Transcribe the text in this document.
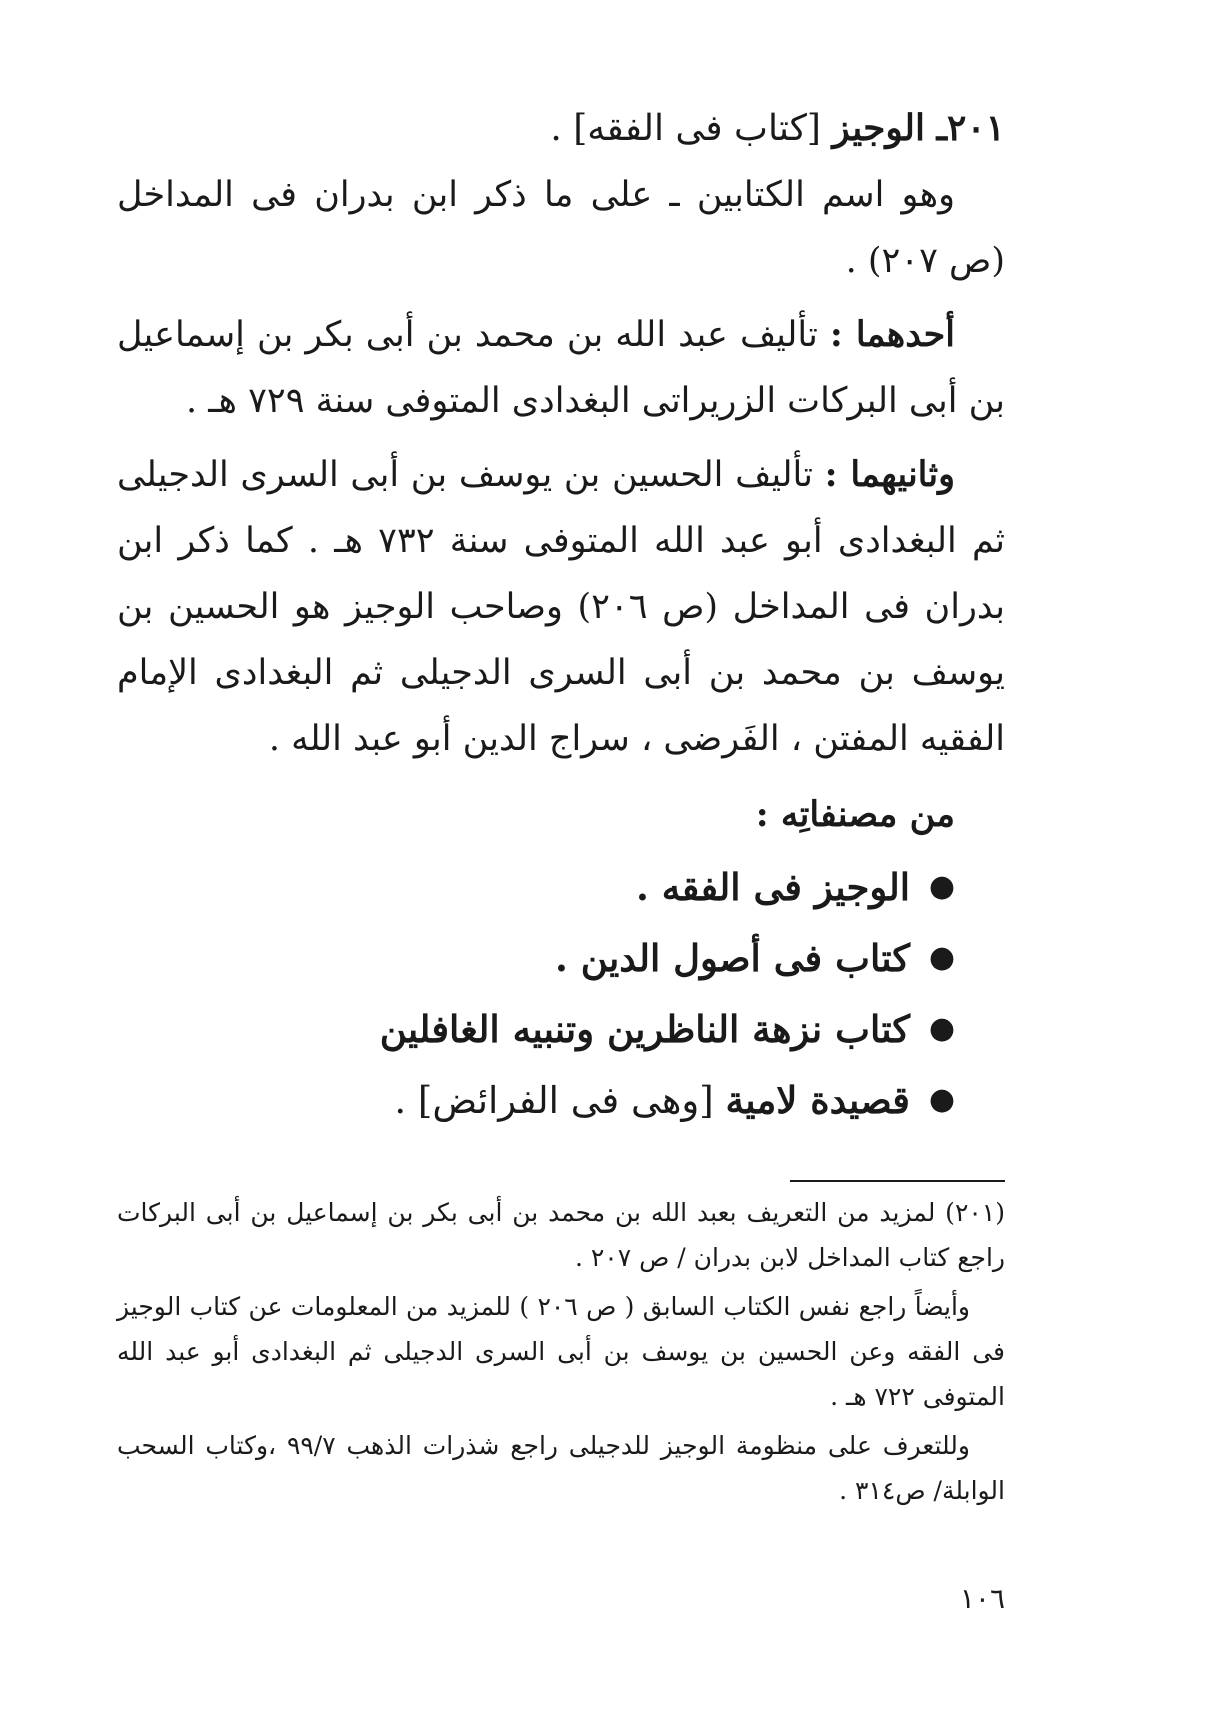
٢٠١ـ الوجيز [كتاب فى الفقه] .

وهو اسم الكتابين ـ على ما ذكر ابن بدران فى المداخل (ص ٢٠٧) .

أحدهما : تأليف عبد الله بن محمد بن أبى بكر بن إسماعيل بن أبى البركات الزريراتى البغدادى المتوفى سنة ٧٢٩ هـ .

وثانيهما : تأليف الحسين بن يوسف بن أبى السرى الدجيلى ثم البغدادى أبو عبد الله المتوفى سنة ٧٣٢ هـ . كما ذكر ابن بدران فى المداخل (ص ٢٠٦) وصاحب الوجيز هو الحسين بن يوسف بن محمد بن أبى السرى الدجيلى ثم البغدادى الإمام الفقيه المفتن ، الفَرضى ، سراج الدين أبو عبد الله .

من مصنفاتِه :

●
الوجيز فى الفقه .
●
كتاب فى أصول الدين .
●
كتاب نزهة الناظرين وتنبيه الغافلين
●
قصيدة لامية [وهى فى الفرائض] .

(٢٠١) لمزيد من التعريف بعبد الله بن محمد بن أبى بكر بن إسماعيل بن أبى البركات راجع كتاب المداخل لابن بدران / ص ٢٠٧ .

وأيضاً راجع نفس الكتاب السابق ( ص ٢٠٦ ) للمزيد من المعلومات عن كتاب الوجيز فى الفقه وعن الحسين بن يوسف بن أبى السرى الدجيلى ثم البغدادى أبو عبد الله المتوفى ٧٢٢ هـ .

وللتعرف على منظومة الوجيز للدجيلى راجع شذرات الذهب ٩٩/٧ ،وكتاب السحب الوابلة/ ص٣١٤ .

١٠٦
